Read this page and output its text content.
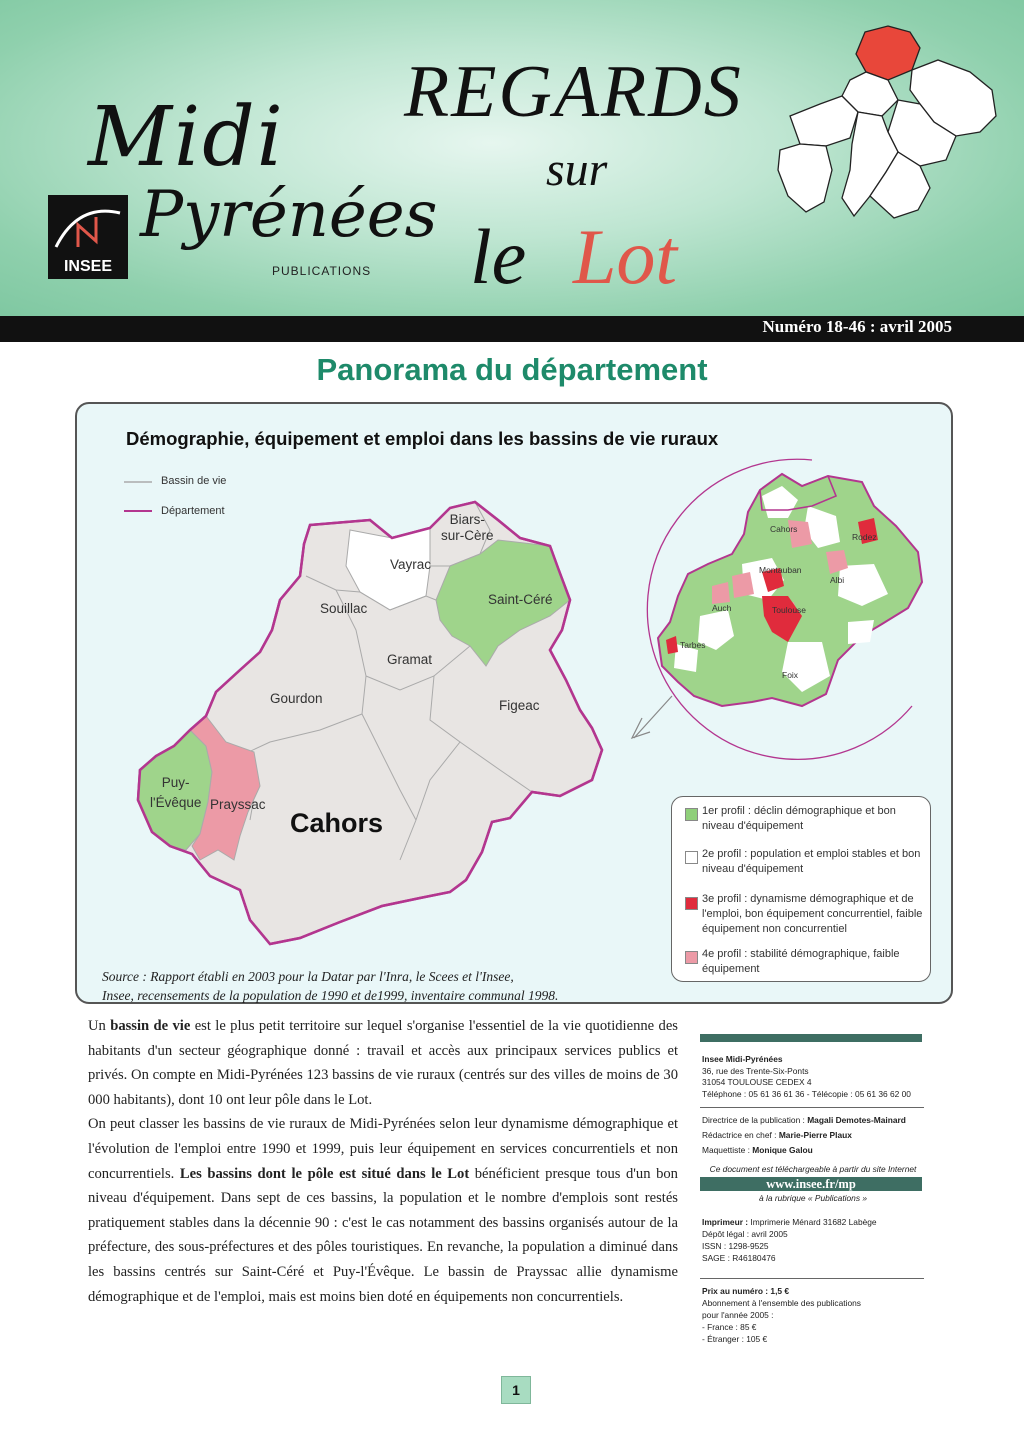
Midi
Pyrénées
INSEE	PUBLICATIONS
REGARDS
sur
le Lot
Numéro 18-46 : avril 2005
Panorama du département
Démographie, équipement et emploi dans les bassins de vie ruraux
Bassin de vie
Département
Biars-
sur-Cère
Vayrac
Saint-Céré
Souillac
Gramat
Gourdon	Figeac
Puy-
l'Évêque Prayssac
Cahors
Cahors
Rodez
Montauban
Albi
Auch	Toulouse
Tarbes
Foix
1er profil : déclin démographique et bon niveau d'équipement
2e profil : population et emploi stables et bon niveau d'équipement
3e profil : dynamisme démographique et de l'emploi, bon équipement concurrentiel, faible équipement non concurrentiel
4e profil : stabilité démographique, faible équipement
Source : Rapport établi en 2003 pour la Datar par l'Inra, le Scees et l'Insee,
Insee, recensements de la population de 1990 et de1999, inventaire communal 1998.

Un bassin de vie est le plus petit territoire sur lequel s'organise l'essentiel de la vie quotidienne des habitants d'un secteur géographique donné : travail et accès aux principaux services publics et privés. On compte en Midi-Pyrénées 123 bassins de vie ruraux (centrés sur des villes de moins de 30 000 habitants), dont 10 ont leur pôle dans le Lot.

On peut classer les bassins de vie ruraux de Midi-Pyrénées selon leur dynamisme démographique et l'évolution de l'emploi entre 1990 et 1999, puis leur équipement en services concurrentiels et non concurrentiels. Les bassins dont le pôle est situé dans le Lot bénéficient presque tous d'un bon niveau d'équipement. Dans sept de ces bassins, la population et le nombre d'emplois sont restés pratiquement stables dans la décennie 90 : c'est le cas notamment des bassins organisés autour de la préfecture, des sous-préfectures et des pôles touristiques. En revanche, la population a diminué dans les bassins centrés sur Saint-Céré et Puy-l'Évêque. Le bassin de Prayssac allie dynamisme démographique et de l'emploi, mais est moins bien doté en équipements non concurrentiels.

Insee Midi-Pyrénées
36, rue des Trente-Six-Ponts
31054 TOULOUSE CEDEX 4
Téléphone : 05 61 36 61 36 - Télécopie : 05 61 36 62 00
Directrice de la publication : Magali Demotes-Mainard
Rédactrice en chef : Marie-Pierre Plaux
Maquettiste : Monique Galou
Ce document est téléchargeable à partir du site Internet
www.insee.fr/mp
à la rubrique « Publications »
Imprimeur : Imprimerie Ménard 31682 Labège
Dépôt légal : avril 2005
ISSN : 1298-9525
SAGE : R46180476
Prix au numéro : 1,5 €
Abonnement à l'ensemble des publications
pour l'année 2005 :
- France : 85 €
- Étranger : 105 €
1
